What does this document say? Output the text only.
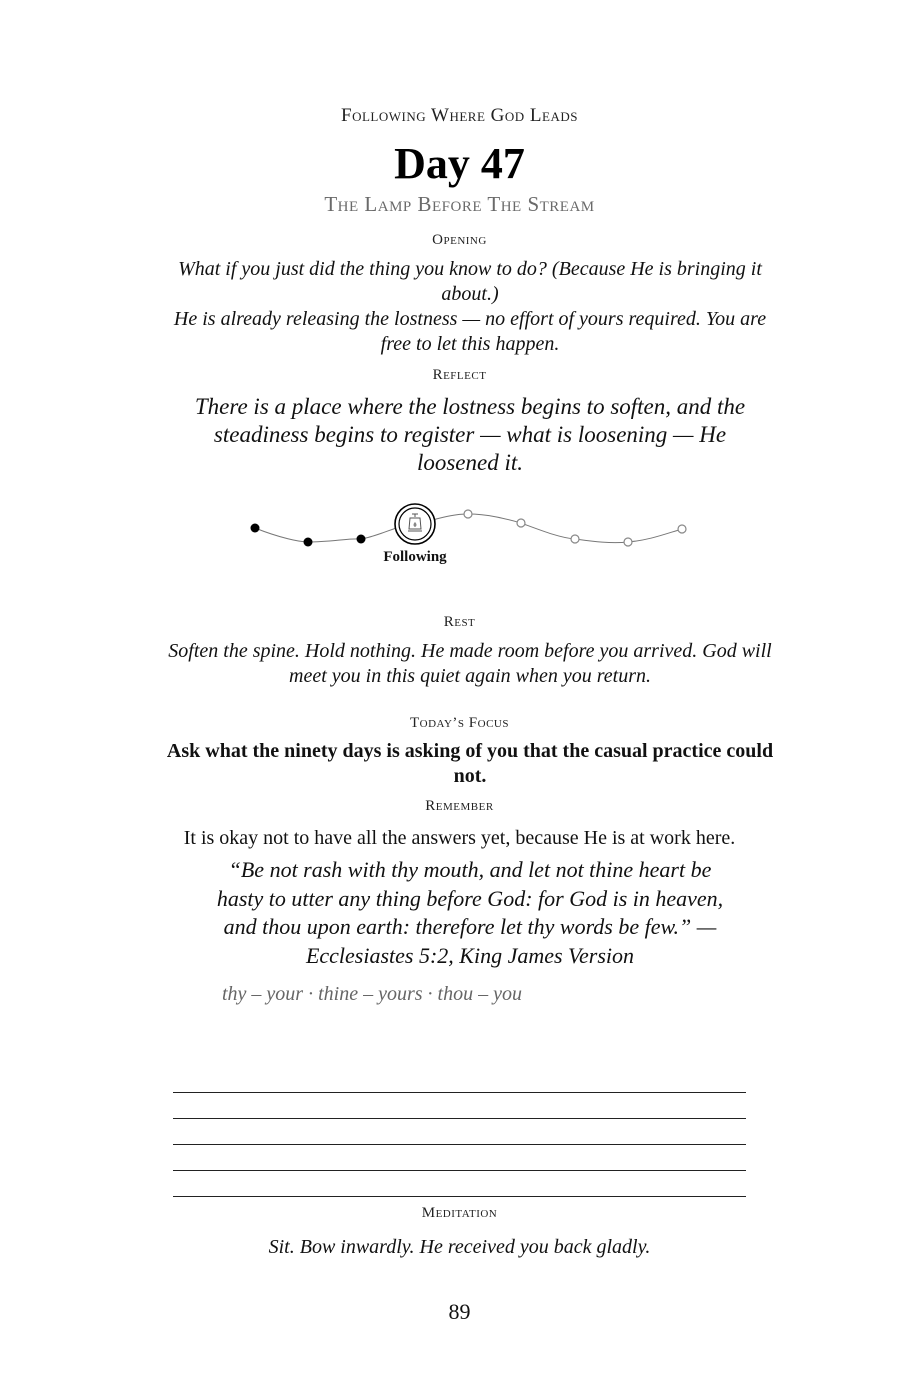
Following Where God Leads
Day 47
The Lamp Before The Stream
Opening
What if you just did the thing you know to do? (Because He is bringing it about.)
He is already releasing the lostness — no effort of yours required. You are free to let this happen.
Reflect
There is a place where the lostness begins to soften, and the steadiness begins to register — what is loosening — He loosened it.
Following
Rest
Soften the spine. Hold nothing. He made room before you arrived. God will meet you in this quiet again when you return.
Today’s Focus
Ask what the ninety days is asking of you that the casual practice could not.
Remember
It is okay not to have all the answers yet, because He is at work here.
“Be not rash with thy mouth, and let not thine heart be hasty to utter any thing before God: for God is in heaven, and thou upon earth: therefore let thy words be few.” — Ecclesiastes 5:2, King James Version
thy – your · thine – yours · thou – you
Meditation
Sit. Bow inwardly. He received you back gladly.
89
